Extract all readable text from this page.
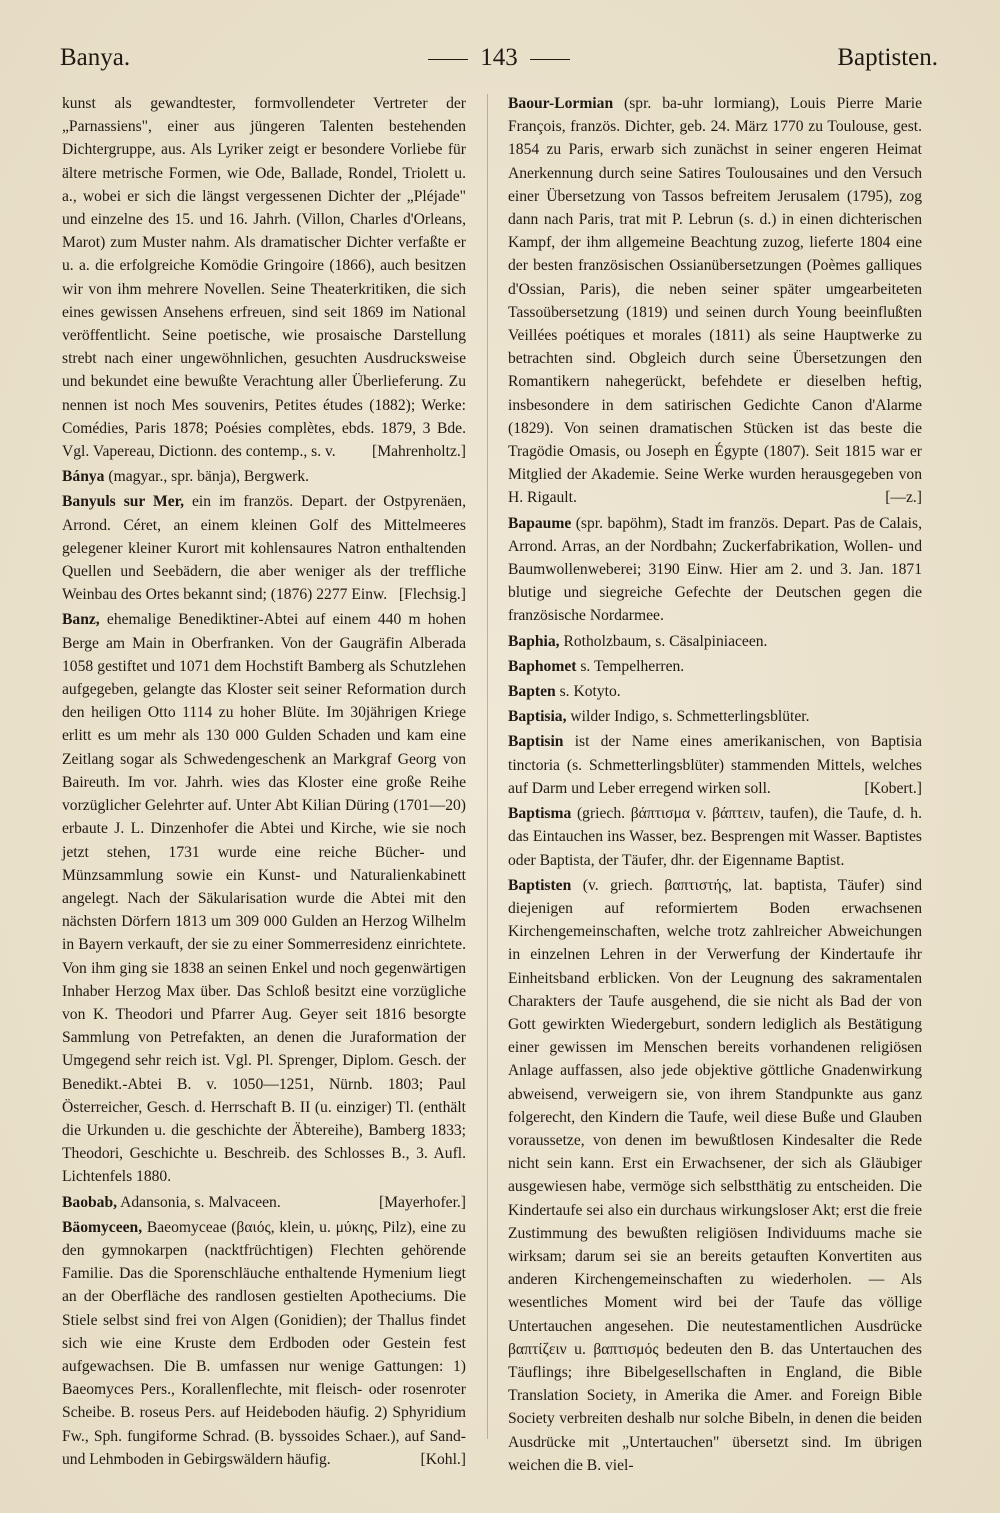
Banya.	143	Baptisten.

kunst als gewandtester, formvollendeter Vertreter der „Parnassiens", einer aus jüngeren Talenten bestehenden Dichtergruppe, aus. Als Lyriker zeigt er besondere Vorliebe für ältere metrische Formen, wie Ode, Ballade, Rondel, Triolett u. a., wobei er sich die längst vergessenen Dichter der „Pléjade" und einzelne des 15. und 16. Jahrh. (Villon, Charles d'Orleans, Marot) zum Muster nahm. Als dramatischer Dichter verfaßte er u. a. die erfolgreiche Komödie Gringoire (1866), auch besitzen wir von ihm mehrere Novellen. Seine Theaterkritiken, die sich eines gewissen Ansehens erfreuen, sind seit 1869 im National veröffentlicht. Seine poetische, wie prosaische Darstellung strebt nach einer ungewöhnlichen, gesuchten Ausdrucksweise und bekundet eine bewußte Verachtung aller Überlieferung. Zu nennen ist noch Mes souvenirs, Petites études (1882); Werke: Comédies, Paris 1878; Poésies complètes, ebds. 1879, 3 Bde. Vgl. Vapereau, Dictionn. des contemp., s. v.	[Mahrenholtz.]

Bánya (magyar., spr. bänja), Bergwerk.

Banyuls sur Mer, ein im französ. Depart. der Ostpyrenäen, Arrond. Céret, an einem kleinen Golf des Mittelmeeres gelegener kleiner Kurort mit kohlensaures Natron enthaltenden Quellen und Seebädern, die aber weniger als der treffliche Weinbau des Ortes bekannt sind; (1876) 2277 Einw. [Flechsig.]

Banz, ehemalige Benediktiner-Abtei auf einem 440 m hohen Berge am Main in Oberfranken. Von der Gaugräfin Alberada 1058 gestiftet und 1071 dem Hochstift Bamberg als Schutzlehen aufgegeben, gelangte das Kloster seit seiner Reformation durch den heiligen Otto 1114 zu hoher Blüte. Im 30jährigen Kriege erlitt es um mehr als 130 000 Gulden Schaden und kam eine Zeitlang sogar als Schwedengeschenk an Markgraf Georg von Baireuth. Im vor. Jahrh. wies das Kloster eine große Reihe vorzüglicher Gelehrter auf. Unter Abt Kilian Düring (1701—20) erbaute J. L. Dinzenhofer die Abtei und Kirche, wie sie noch jetzt stehen, 1731 wurde eine reiche Bücher- und Münzsammlung sowie ein Kunst- und Naturalienkabinett angelegt. Nach der Säkularisation wurde die Abtei mit den nächsten Dörfern 1813 um 309 000 Gulden an Herzog Wilhelm in Bayern verkauft, der sie zu einer Sommerresidenz einrichtete. Von ihm ging sie 1838 an seinen Enkel und noch gegenwärtigen Inhaber Herzog Max über. Das Schloß besitzt eine vorzügliche von K. Theodori und Pfarrer Aug. Geyer seit 1816 besorgte Sammlung von Petrefakten, an denen die Juraformation der Umgegend sehr reich ist. Vgl. Pl. Sprenger, Diplom. Gesch. der Benedikt.-Abtei B. v. 1050—1251, Nürnb. 1803; Paul Österreicher, Gesch. d. Herrschaft B. II (u. einziger) Tl. (enthält die Urkunden u. die geschichte der Äbtereihe), Bamberg 1833; Theodori, Geschichte u. Beschreib. des Schlosses B., 3. Aufl. Lichtenfels 1880.

Baobab, Adansonia, s. Malvaceen.	[Mayerhofer.]

Bäomyceen, Baeomyceae (βαιός, klein, u. μύκης, Pilz), eine zu den gymnokarpen (nacktfrüchtigen) Flechten gehörende Familie. Das die Sporenschläuche enthaltende Hymenium liegt an der Oberfläche des randlosen gestielten Apotheciums. Die Stiele selbst sind frei von Algen (Gonidien); der Thallus findet sich wie eine Kruste dem Erdboden oder Gestein fest aufgewachsen. Die B. umfassen nur wenige Gattungen: 1) Baeomyces Pers., Korallenflechte, mit fleisch- oder rosenroter Scheibe. B. roseus Pers. auf Heideboden häufig. 2) Sphyridium Fw., Sph. fungiforme Schrad. (B. byssoides Schaer.), auf Sand- und Lehmboden in Gebirgswäldern häufig.	[Kohl.]

Baour-Lormian (spr. ba-uhr lormiang), Louis Pierre Marie François, französ. Dichter, geb. 24. März 1770 zu Toulouse, gest. 1854 zu Paris, erwarb sich zunächst in seiner engeren Heimat Anerkennung durch seine Satires Toulousaines und den Versuch einer Übersetzung von Tassos befreitem Jerusalem (1795), zog dann nach Paris, trat mit P. Lebrun (s. d.) in einen dichterischen Kampf, der ihm allgemeine Beachtung zuzog, lieferte 1804 eine der besten französischen Ossianübersetzungen (Poèmes galliques d'Ossian, Paris), die neben seiner später umgearbeiteten Tassoübersetzung (1819) und seinen durch Young beeinflußten Veillées poétiques et morales (1811) als seine Hauptwerke zu betrachten sind. Obgleich durch seine Übersetzungen den Romantikern nahegerückt, befehdete er dieselben heftig, insbesondere in dem satirischen Gedichte Canon d'Alarme (1829). Von seinen dramatischen Stücken ist das beste die Tragödie Omasis, ou Joseph en Égypte (1807). Seit 1815 war er Mitglied der Akademie. Seine Werke wurden herausgegeben von H. Rigault.	[—z.]

Bapaume (spr. bapöhm), Stadt im französ. Depart. Pas de Calais, Arrond. Arras, an der Nordbahn; Zuckerfabrikation, Wollen- und Baumwollenweberei; 3190 Einw. Hier am 2. und 3. Jan. 1871 blutige und siegreiche Gefechte der Deutschen gegen die französische Nordarmee.

Baphia, Rotholzbaum, s. Cäsalpiniaceen.

Baphomet s. Tempelherren.

Bapten s. Kotyto.

Baptisia, wilder Indigo, s. Schmetterlingsblüter.

Baptisin ist der Name eines amerikanischen, von Baptisia tinctoria (s. Schmetterlingsblüter) stammenden Mittels, welches auf Darm und Leber erregend wirken soll.	[Kobert.]

Baptisma (griech. βάπτισμα v. βάπτειν, taufen), die Taufe, d. h. das Eintauchen ins Wasser, bez. Besprengen mit Wasser. Baptistes oder Baptista, der Täufer, dhr. der Eigenname Baptist.

Baptisten (v. griech. βαπτιστής, lat. baptista, Täufer) sind diejenigen auf reformiertem Boden erwachsenen Kirchengemeinschaften, welche trotz zahlreicher Abweichungen in einzelnen Lehren in der Verwerfung der Kindertaufe ihr Einheitsband erblicken. Von der Leugnung des sakramentalen Charakters der Taufe ausgehend, die sie nicht als Bad der von Gott gewirkten Wiedergeburt, sondern lediglich als Bestätigung einer gewissen im Menschen bereits vorhandenen religiösen Anlage auffassen, also jede objektive göttliche Gnadenwirkung abweisend, verweigern sie, von ihrem Standpunkte aus ganz folgerecht, den Kindern die Taufe, weil diese Buße und Glauben voraussetze, von denen im bewußtlosen Kindesalter die Rede nicht sein kann. Erst ein Erwachsener, der sich als Gläubiger ausgewiesen habe, vermöge sich selbstthätig zu entscheiden. Die Kindertaufe sei also ein durchaus wirkungsloser Akt; erst die freie Zustimmung des bewußten religiösen Individuums mache sie wirksam; darum sei sie an bereits getauften Konvertiten aus anderen Kirchengemeinschaften zu wiederholen. — Als wesentliches Moment wird bei der Taufe das völlige Untertauchen angesehen. Die neutestamentlichen Ausdrücke βαπτίζειν u. βαπτισμός bedeuten den B. das Untertauchen des Täuflings; ihre Bibelgesellschaften in England, die Bible Translation Society, in Amerika die Amer. and Foreign Bible Society verbreiten deshalb nur solche Bibeln, in denen die beiden Ausdrücke mit „Untertauchen" übersetzt sind. Im übrigen weichen die B. viel-
